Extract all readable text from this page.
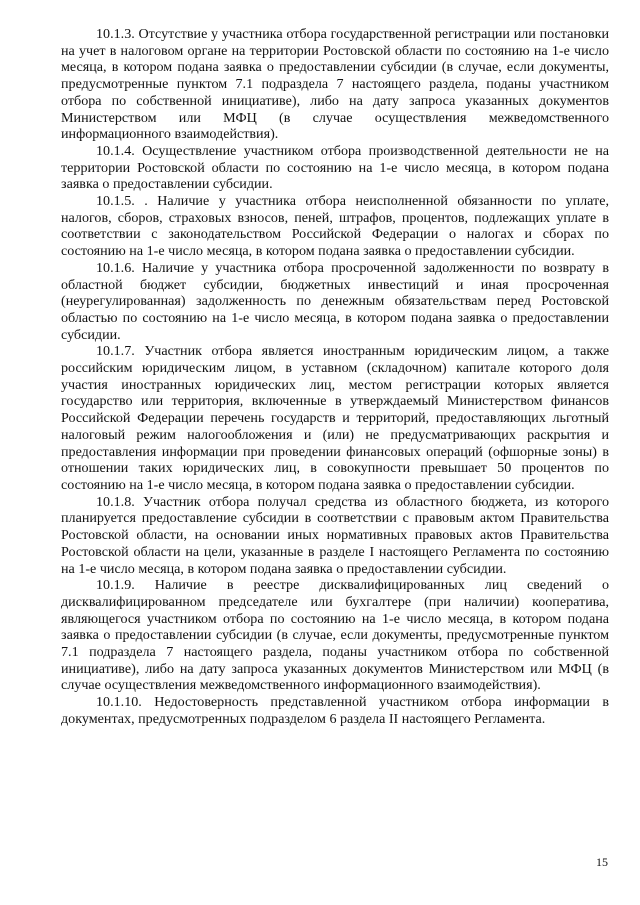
10.1.3. Отсутствие у участника отбора государственной регистрации или постановки на учет в налоговом органе на территории Ростовской области по состоянию на 1-е число месяца, в котором подана заявка о предоставлении субсидии (в случае, если документы, предусмотренные пунктом 7.1 подраздела 7 настоящего раздела, поданы участником отбора по собственной инициативе), либо на дату запроса указанных документов Министерством или МФЦ (в случае осуществления межведомственного информационного взаимодействия).

10.1.4. Осуществление участником отбора производственной деятельности не на территории Ростовской области по состоянию на 1-е число месяца, в котором подана заявка о предоставлении субсидии.

10.1.5. . Наличие у участника отбора неисполненной обязанности по уплате, налогов, сборов, страховых взносов, пеней, штрафов, процентов, подлежащих уплате в соответствии с законодательством Российской Федерации о налогах и сборах по состоянию на 1-е число месяца, в котором подана заявка о предоставлении субсидии.

10.1.6. Наличие у участника отбора просроченной задолженности по возврату в областной бюджет субсидии, бюджетных инвестиций и иная просроченная (неурегулированная) задолженность по денежным обязательствам перед Ростовской областью по состоянию на 1-е число месяца, в котором подана заявка о предоставлении субсидии.

10.1.7. Участник отбора является иностранным юридическим лицом, а также российским юридическим лицом, в уставном (складочном) капитале которого доля участия иностранных юридических лиц, местом регистрации которых является государство или территория, включенные в утверждаемый Министерством финансов Российской Федерации перечень государств и территорий, предоставляющих льготный налоговый режим налогообложения и (или) не предусматривающих раскрытия и предоставления информации при проведении финансовых операций (офшорные зоны) в отношении таких юридических лиц, в совокупности превышает 50 процентов по состоянию на 1-е число месяца, в котором подана заявка о предоставлении субсидии.

10.1.8. Участник отбора получал средства из областного бюджета, из которого планируется предоставление субсидии в соответствии с правовым актом Правительства Ростовской области, на основании иных нормативных правовых актов Правительства Ростовской области на цели, указанные в разделе I настоящего Регламента по состоянию на 1-е число месяца, в котором подана заявка о предоставлении субсидии.

10.1.9. Наличие в реестре дисквалифицированных лиц сведений о дисквалифицированном председателе или бухгалтере (при наличии) кооператива, являющегося участником отбора по состоянию на 1-е число месяца, в котором подана заявка о предоставлении субсидии (в случае, если документы, предусмотренные пунктом 7.1 подраздела 7 настоящего раздела, поданы участником отбора по собственной инициативе), либо на дату запроса указанных документов Министерством или МФЦ (в случае осуществления межведомственного информационного взаимодействия).

10.1.10. Недостоверность представленной участником отбора информации в документах, предусмотренных подразделом 6 раздела II настоящего Регламента.

15
